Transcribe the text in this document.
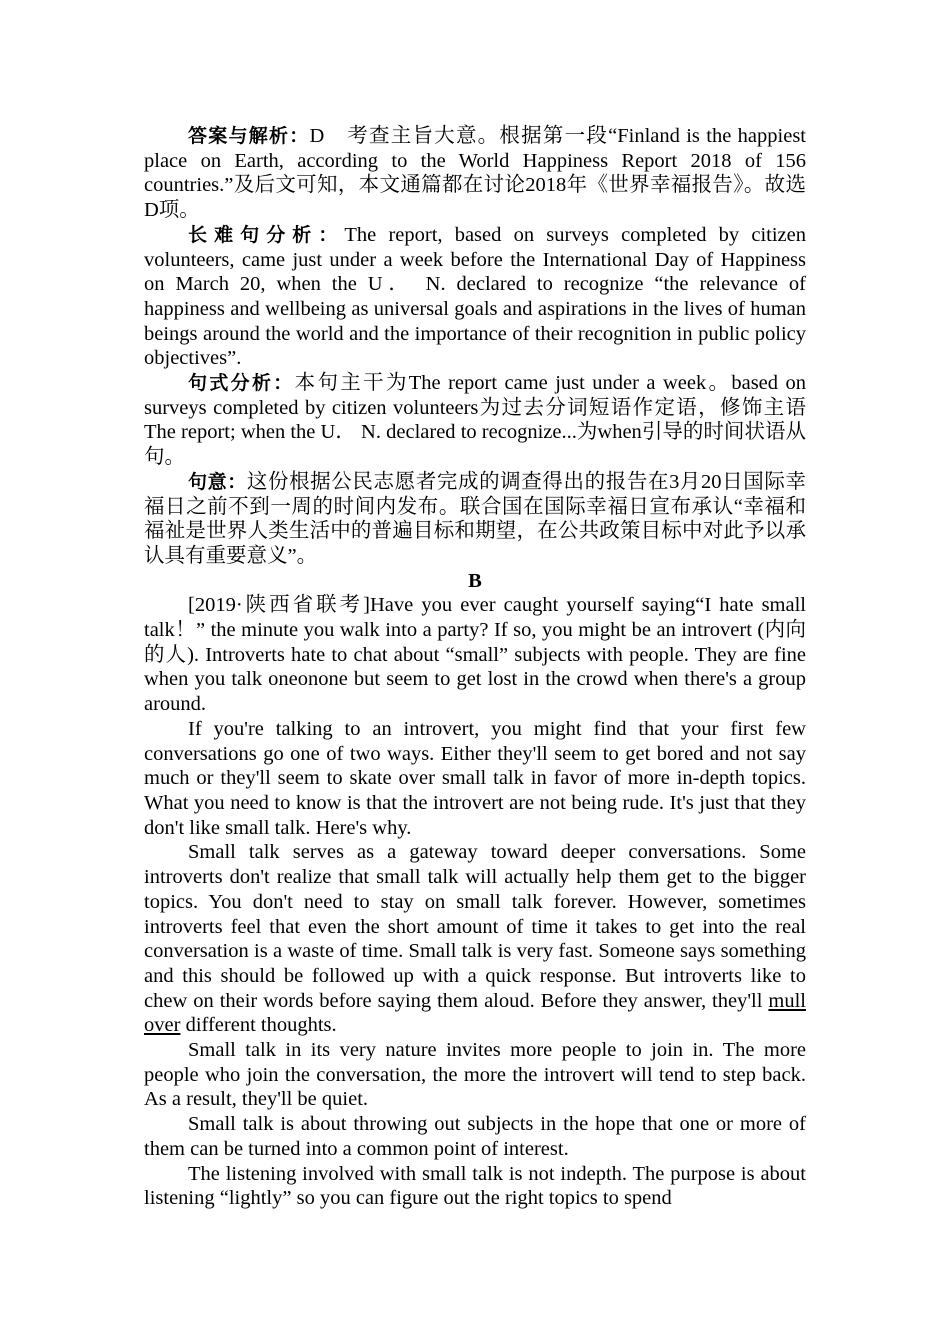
答案与解析：D　考查主旨大意。根据第一段“Finland is the happiest place on Earth, according to the World Happiness Report 2018 of 156 countries.”及后文可知，本文通篇都在讨论2018年《世界幸福报告》。故选D项。

长难句分析：The report, based on surveys completed by citizen volunteers, came just under a week before the International Day of Happiness on March 20, when the U． N. declared to recognize “the relevance of happiness and wellbeing as universal goals and aspirations in the lives of human beings around the world and the importance of their recognition in public policy objectives”.

句式分析：本句主干为The report came just under a week。based on surveys completed by citizen volunteers为过去分词短语作定语，修饰主语The report; when the U． N. declared to recognize...为when引导的时间状语从句。

句意：这份根据公民志愿者完成的调查得出的报告在3月20日国际幸福日之前不到一周的时间内发布。联合国在国际幸福日宣布承认“幸福和福祉是世界人类生活中的普遍目标和期望，在公共政策目标中对此予以承认具有重要意义”。

B

[2019·陕西省联考]Have you ever caught yourself saying“I hate small talk！” the minute you walk into a party? If so, you might be an introvert (内向的人). Introverts hate to chat about “small” subjects with people. They are fine when you talk oneonone but seem to get lost in the crowd when there's a group around.

If you're talking to an introvert, you might find that your first few conversations go one of two ways. Either they'll seem to get bored and not say much or they'll seem to skate over small talk in favor of more in-depth topics. What you need to know is that the introvert are not being rude. It's just that they don't like small talk. Here's why.

Small talk serves as a gateway toward deeper conversations. Some introverts don't realize that small talk will actually help them get to the bigger topics. You don't need to stay on small talk forever. However, sometimes introverts feel that even the short amount of time it takes to get into the real conversation is a waste of time. Small talk is very fast. Someone says something and this should be followed up with a quick response. But introverts like to chew on their words before saying them aloud. Before they answer, they'll mull over different thoughts.

Small talk in its very nature invites more people to join in. The more people who join the conversation, the more the introvert will tend to step back. As a result, they'll be quiet.

Small talk is about throwing out subjects in the hope that one or more of them can be turned into a common point of interest.

The listening involved with small talk is not indepth. The purpose is about listening “lightly” so you can figure out the right topics to spend
